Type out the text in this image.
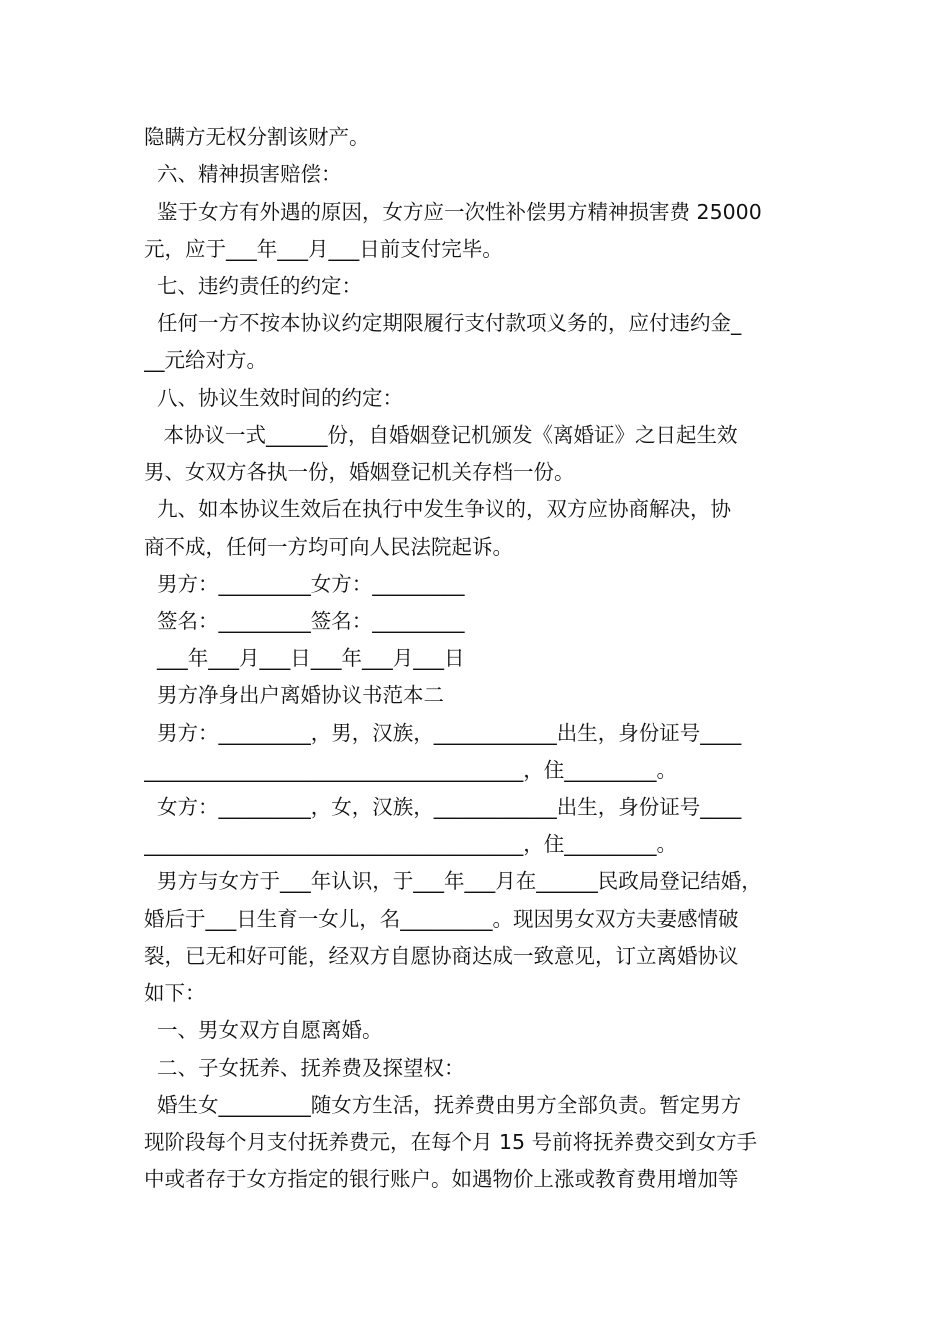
隐瞒方无权分割该财产。
六、精神损害赔偿：
鉴于女方有外遇的原因，女方应一次性补偿男方精神损害费 25000
元，应于___年___月___日前支付完毕。
七、违约责任的约定：
任何一方不按本协议约定期限履行支付款项义务的，应付违约金_
__元给对方。
八、协议生效时间的约定：
本协议一式______份，自婚姻登记机颁发《离婚证》之日起生效
男、女双方各执一份，婚姻登记机关存档一份。
九、如本协议生效后在执行中发生争议的，双方应协商解决，协
商不成，任何一方均可向人民法院起诉。
男方：_________女方：_________
签名：_________签名：_________
___年___月___日___年___月___日
男方净身出户离婚协议书范本二
男方：_________，男，汉族，____________出生，身份证号____
_____________________________________，住_________。
女方：_________，女，汉族，____________出生，身份证号____
_____________________________________，住_________。
男方与女方于___年认识，于___年___月在______民政局登记结婚，
婚后于___日生育一女儿，名_________。现因男女双方夫妻感情破
裂，已无和好可能，经双方自愿协商达成一致意见，订立离婚协议
如下：
一、男女双方自愿离婚。
二、子女抚养、抚养费及探望权：
婚生女_________随女方生活，抚养费由男方全部负责。暂定男方
现阶段每个月支付抚养费元，在每个月 15 号前将抚养费交到女方手
中或者存于女方指定的银行账户。如遇物价上涨或教育费用增加等
